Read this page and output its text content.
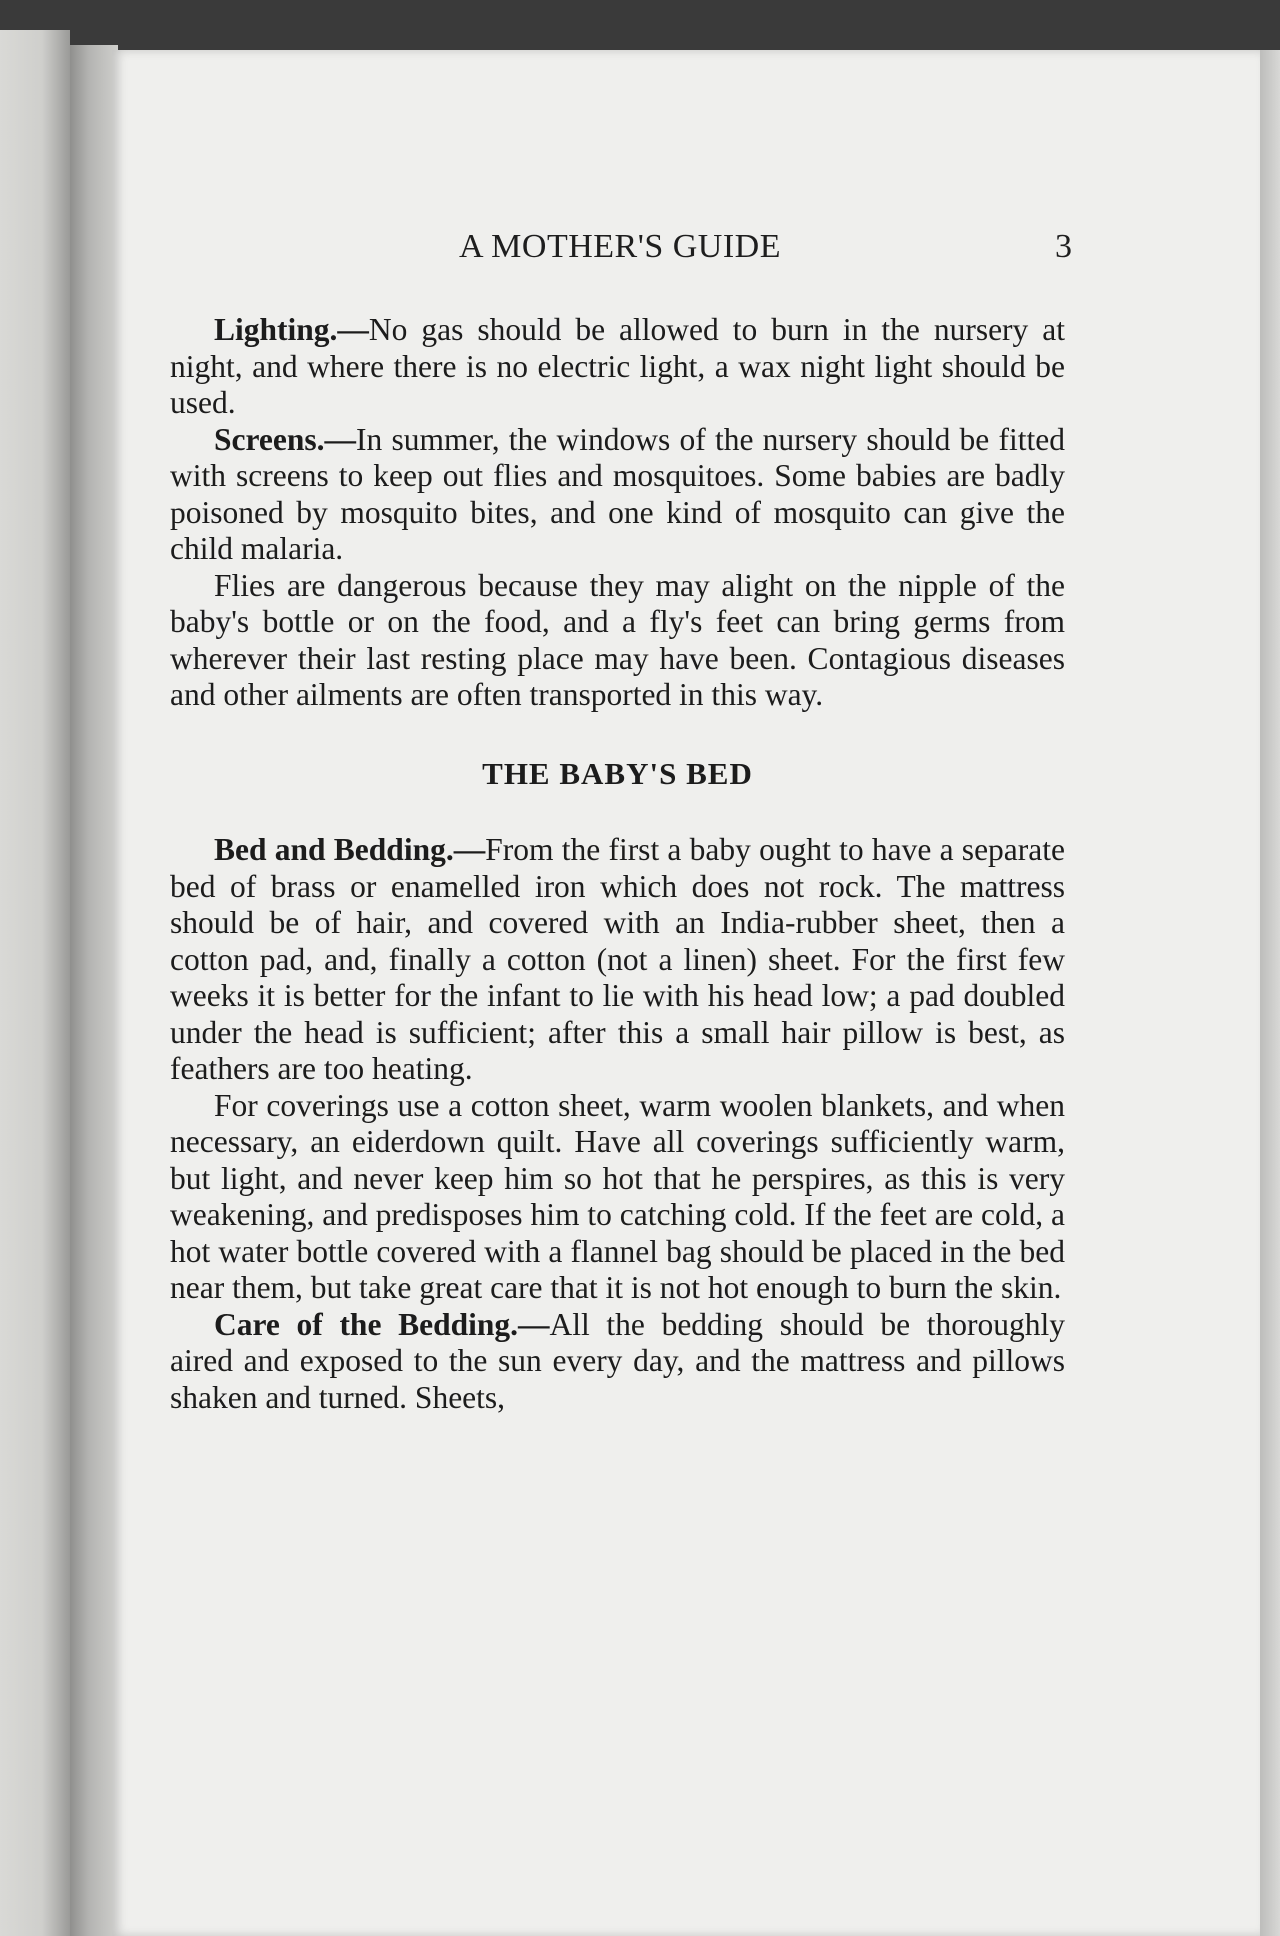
A MOTHER'S GUIDE	3

Lighting.—No gas should be allowed to burn in the nursery at night, and where there is no electric light, a wax night light should be used.

Screens.—In summer, the windows of the nursery should be fitted with screens to keep out flies and mosquitoes. Some babies are badly poisoned by mosquito bites, and one kind of mosquito can give the child malaria.

Flies are dangerous because they may alight on the nipple of the baby's bottle or on the food, and a fly's feet can bring germs from wherever their last resting place may have been. Contagious diseases and other ailments are often transported in this way.

THE BABY'S BED

Bed and Bedding.—From the first a baby ought to have a separate bed of brass or enamelled iron which does not rock. The mattress should be of hair, and covered with an India-rubber sheet, then a cotton pad, and, finally a cotton (not a linen) sheet. For the first few weeks it is better for the infant to lie with his head low; a pad doubled under the head is sufficient; after this a small hair pillow is best, as feathers are too heating.

For coverings use a cotton sheet, warm woolen blankets, and when necessary, an eiderdown quilt. Have all coverings sufficiently warm, but light, and never keep him so hot that he perspires, as this is very weakening, and predisposes him to catching cold. If the feet are cold, a hot water bottle covered with a flannel bag should be placed in the bed near them, but take great care that it is not hot enough to burn the skin.

Care of the Bedding.—All the bedding should be thoroughly aired and exposed to the sun every day, and the mattress and pillows shaken and turned. Sheets,
